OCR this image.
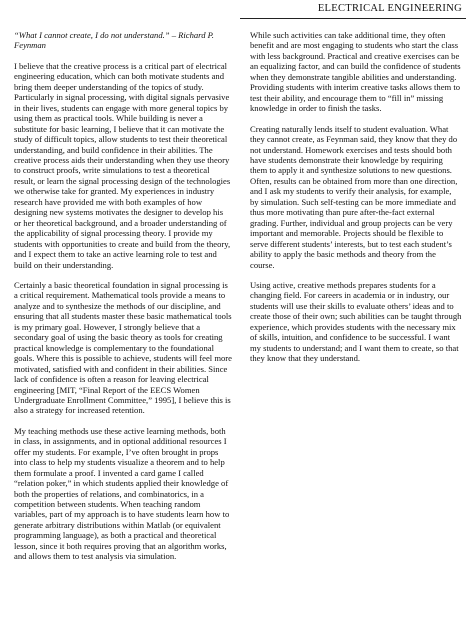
ELECTRICAL ENGINEERING

“What I cannot create, I do not understand.” – Richard P. Feynman

I believe that the creative process is a critical part of electrical engineering education, which can both motivate students and bring them deeper understanding of the topics of study. Particularly in signal processing, with digital signals pervasive in their lives, students can engage with more general topics by using them as practical tools. While building is never a substitute for basic learning, I believe that it can motivate the study of difficult topics, allow students to test their theoretical understanding, and build confidence in their abilities. The creative process aids their understanding when they use theory to construct proofs, write simulations to test a theoretical result, or learn the signal processing design of the technologies we otherwise take for granted. My experiences in industry research have provided me with both examples of how designing new systems motivates the designer to develop his or her theoretical background, and a broader understanding of the applicability of signal processing theory. I provide my students with opportunities to create and build from the theory, and I expect them to take an active learning role to test and build on their understanding.

Certainly a basic theoretical foundation in signal processing is a critical requirement. Mathematical tools provide a means to analyze and to synthesize the methods of our discipline, and ensuring that all students master these basic mathematical tools is my primary goal. However, I strongly believe that a secondary goal of using the basic theory as tools for creating practical knowledge is complementary to the foundational goals. Where this is possible to achieve, students will feel more motivated, satisfied with and confident in their abilities. Since lack of confidence is often a reason for leaving electrical engineering [MIT, “Final Report of the EECS Women Undergraduate Enrollment Committee,” 1995], I believe this is also a strategy for increased retention.

My teaching methods use these active learning methods, both in class, in assignments, and in optional additional resources I offer my students. For example, I’ve often brought in props into class to help my students visualize a theorem and to help them formulate a proof. I invented a card game I called “relation poker,” in which students applied their knowledge of both the properties of relations, and combinatorics, in a competition between students. When teaching random variables, part of my approach is to have students learn how to generate arbitrary distributions within Matlab (or equivalent programming language), as both a practical and theoretical lesson, since it both requires proving that an algorithm works, and allows them to test analysis via simulation.

While such activities can take additional time, they often benefit and are most engaging to students who start the class with less background. Practical and creative exercises can be an equalizing factor, and can build the confidence of students when they demonstrate tangible abilities and understanding. Providing students with interim creative tasks allows them to test their ability, and encourage them to “fill in” missing knowledge in order to finish the tasks.

Creating naturally lends itself to student evaluation. What they cannot create, as Feynman said, they know that they do not understand. Homework exercises and tests should both have students demonstrate their knowledge by requiring them to apply it and synthesize solutions to new questions. Often, results can be obtained from more than one direction, and I ask my students to verify their analysis, for example, by simulation. Such self-testing can be more immediate and thus more motivating than pure after-the-fact external grading. Further, individual and group projects can be very important and memorable. Projects should be flexible to serve different students’ interests, but to test each student’s ability to apply the basic methods and theory from the course.

Using active, creative methods prepares students for a changing field. For careers in academia or in industry, our students will use their skills to evaluate others’ ideas and to create those of their own; such abilities can be taught through experience, which provides students with the necessary mix of skills, intuition, and confidence to be successful. I want my students to understand; and I want them to create, so that they know that they understand.
